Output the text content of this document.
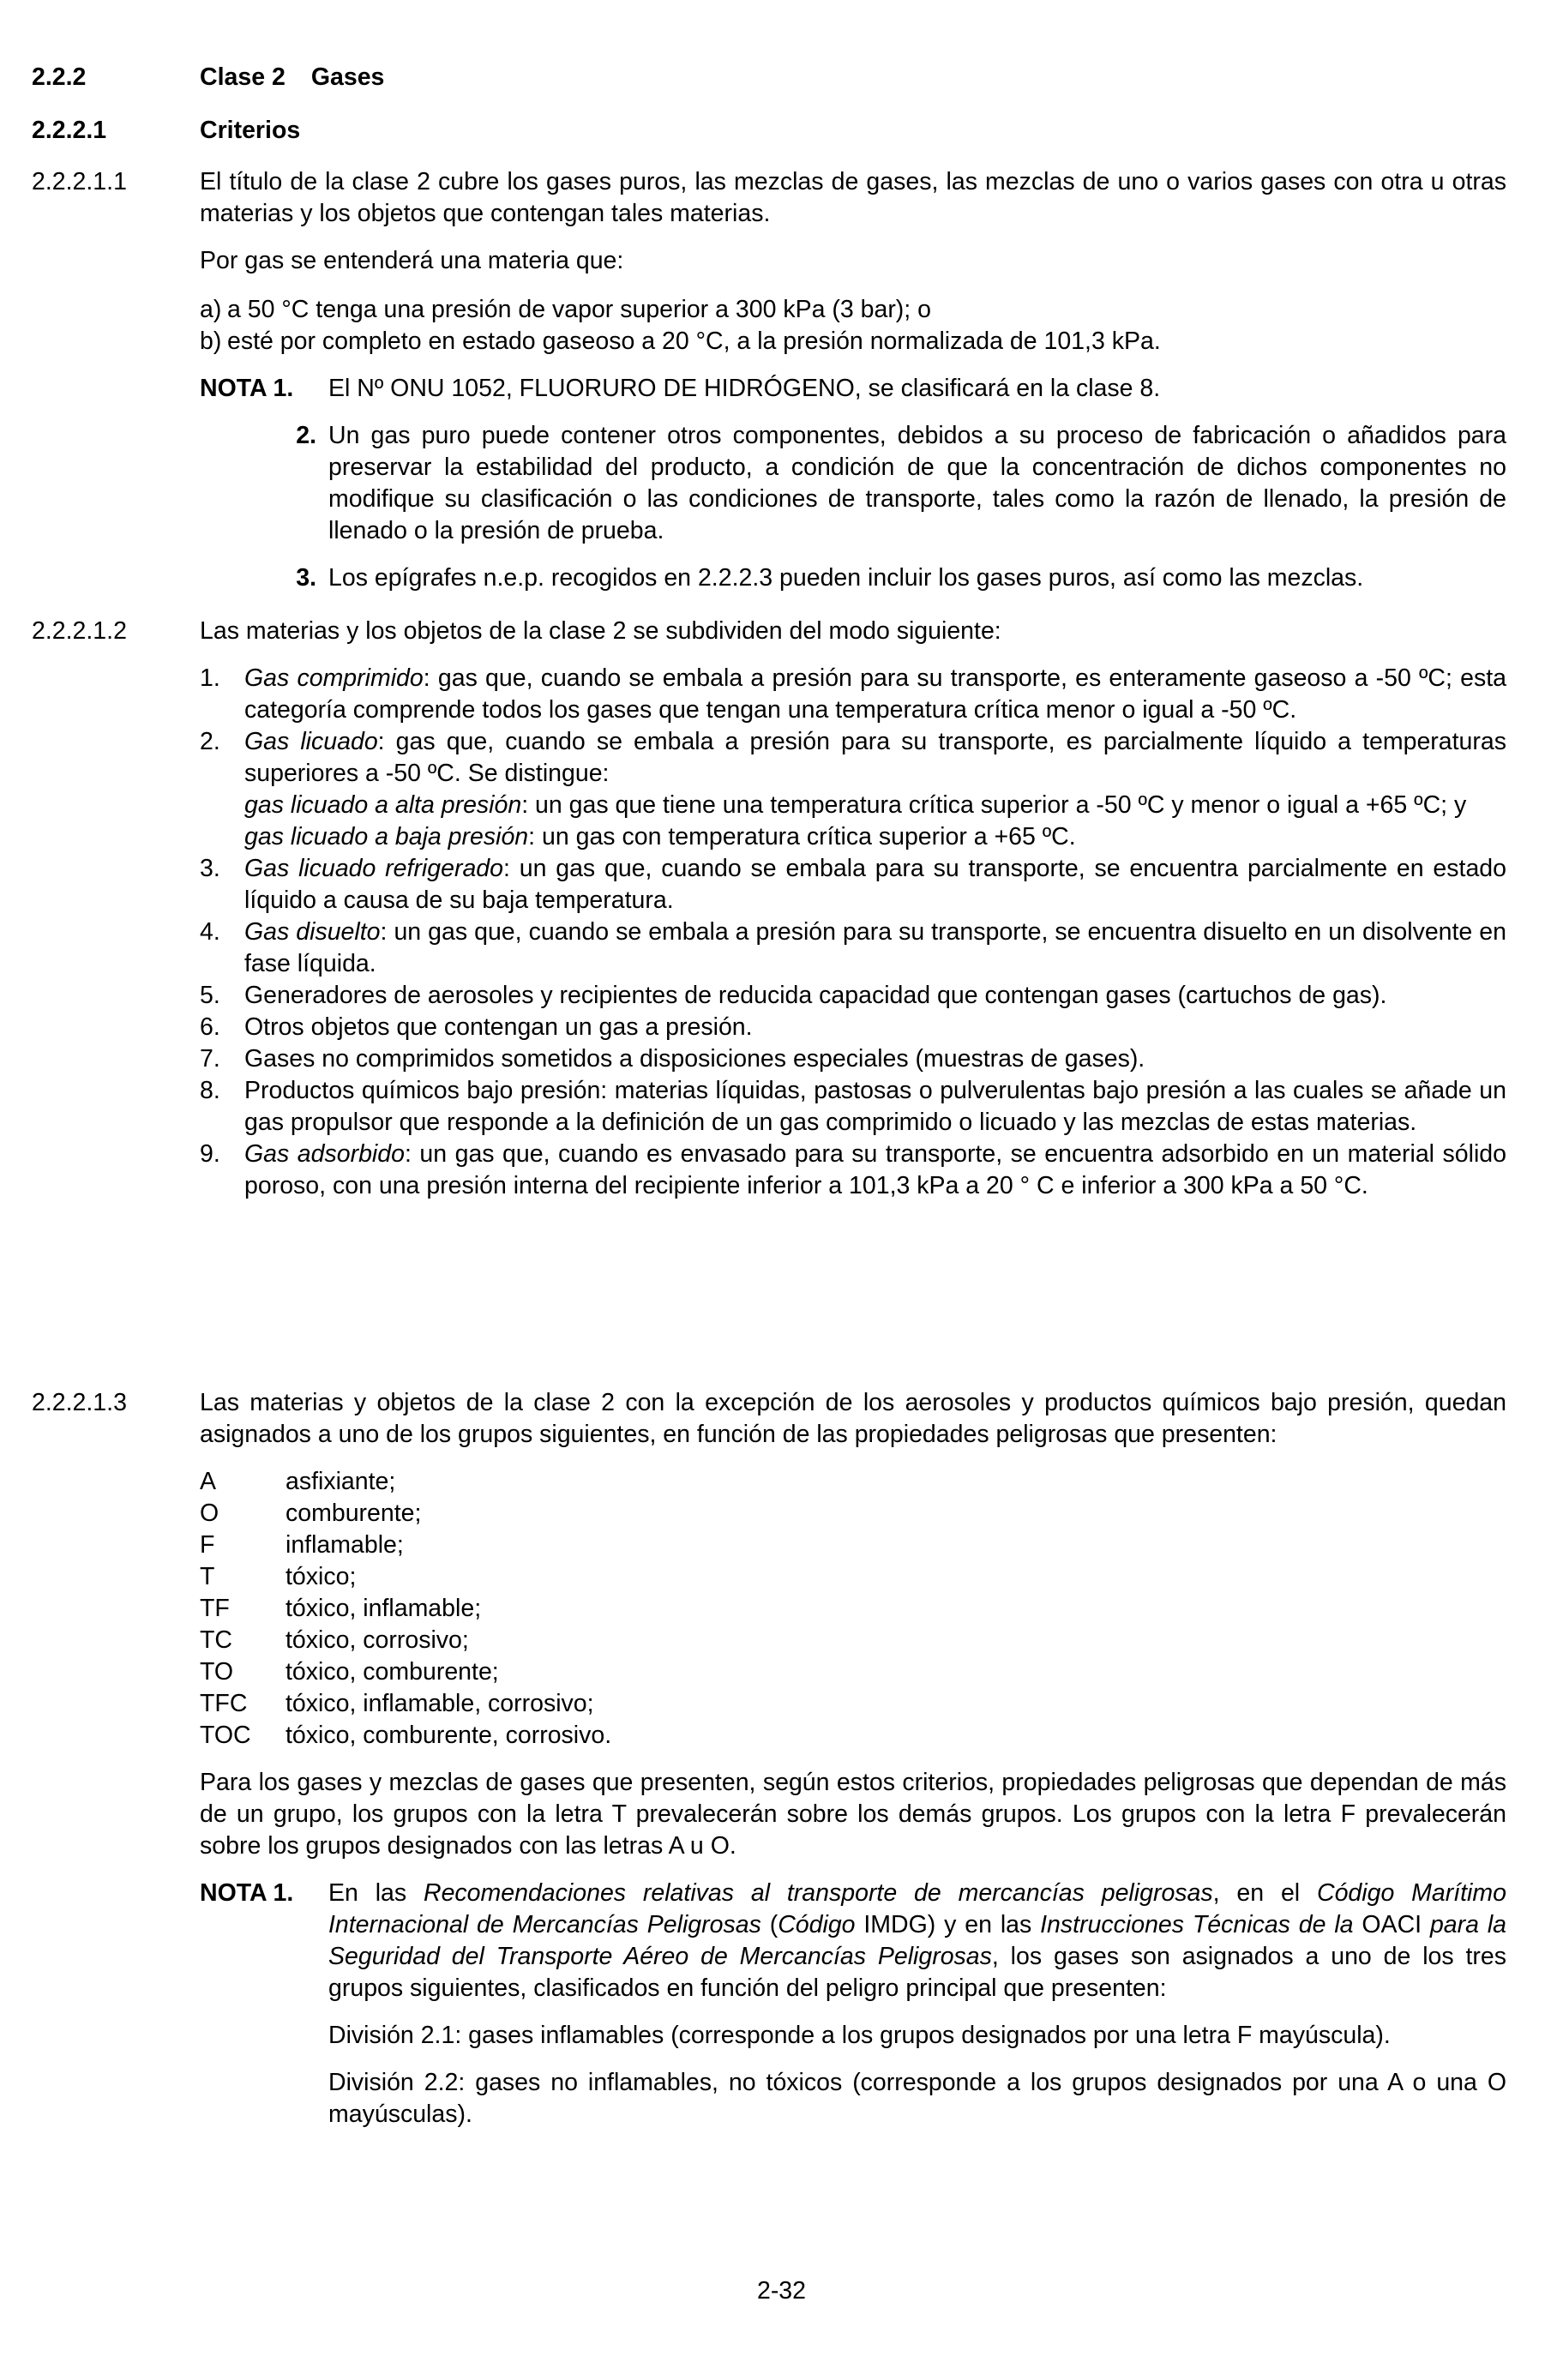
2.2.2	Clase 2 Gases
2.2.2.1	Criterios
2.2.2.1.1	El título de la clase 2 cubre los gases puros, las mezclas de gases, las mezclas de uno o varios gases con otra u otras materias y los objetos que contengan tales materias.

Por gas se entenderá una materia que:

a) a 50 °C tenga una presión de vapor superior a 300 kPa (3 bar); o
b) esté por completo en estado gaseoso a 20 °C, a la presión normalizada de 101,3 kPa.
NOTA 1.	El Nº ONU 1052, FLUORURO DE HIDRÓGENO, se clasificará en la clase 8.
2. Un gas puro puede contener otros componentes, debidos a su proceso de fabricación o añadidos para preservar la estabilidad del producto, a condición de que la concentración de dichos componentes no modifique su clasificación o las condiciones de transporte, tales como la razón de llenado, la presión de llenado o la presión de prueba.
3. Los epígrafes n.e.p. recogidos en 2.2.2.3 pueden incluir los gases puros, así como las mezclas.
2.2.2.1.2	Las materias y los objetos de la clase 2 se subdividen del modo siguiente:

1. Gas comprimido: gas que, cuando se embala a presión para su transporte, es enteramente gaseoso a -50 ºC; esta categoría comprende todos los gases que tengan una temperatura crítica menor o igual a -50 ºC.
2. Gas licuado: gas que, cuando se embala a presión para su transporte, es parcialmente líquido a temperaturas superiores a -50 ºC. Se distingue:
gas licuado a alta presión: un gas que tiene una temperatura crítica superior a -50 ºC y menor o igual a +65 ºC; y
gas licuado a baja presión: un gas con temperatura crítica superior a +65 ºC.
3. Gas licuado refrigerado: un gas que, cuando se embala para su transporte, se encuentra parcialmente en estado líquido a causa de su baja temperatura.
4. Gas disuelto: un gas que, cuando se embala a presión para su transporte, se encuentra disuelto en un disolvente en fase líquida.
5. Generadores de aerosoles y recipientes de reducida capacidad que contengan gases (cartuchos de gas).
6. Otros objetos que contengan un gas a presión.
7. Gases no comprimidos sometidos a disposiciones especiales (muestras de gases).
8. Productos químicos bajo presión: materias líquidas, pastosas o pulverulentas bajo presión a las cuales se añade un gas propulsor que responde a la definición de un gas comprimido o licuado y las mezclas de estas materias.
9. Gas adsorbido: un gas que, cuando es envasado para su transporte, se encuentra adsorbido en un material sólido poroso, con una presión interna del recipiente inferior a 101,3 kPa a 20 ° C e inferior a 300 kPa a 50 °C.
2.2.2.1.3	Las materias y objetos de la clase 2 con la excepción de los aerosoles y productos químicos bajo presión, quedan asignados a uno de los grupos siguientes, en función de las propiedades peligrosas que presenten:

A	asfixiante;
O	comburente;
F	inflamable;
T	tóxico;
TF	tóxico, inflamable;
TC	tóxico, corrosivo;
TO	tóxico, comburente;
TFC	tóxico, inflamable, corrosivo;
TOC	tóxico, comburente, corrosivo.

Para los gases y mezclas de gases que presenten, según estos criterios, propiedades peligrosas que dependan de más de un grupo, los grupos con la letra T prevalecerán sobre los demás grupos. Los grupos con la letra F prevalecerán sobre los grupos designados con las letras A u O.

NOTA 1.	En las Recomendaciones relativas al transporte de mercancías peligrosas, en el Código Marítimo Internacional de Mercancías Peligrosas (Código IMDG) y en las Instrucciones Técnicas de la OACI para la Seguridad del Transporte Aéreo de Mercancías Peligrosas, los gases son asignados a uno de los tres grupos siguientes, clasificados en función del peligro principal que presenten:

División 2.1: gases inflamables (corresponde a los grupos designados por una letra F mayúscula).

División 2.2: gases no inflamables, no tóxicos (corresponde a los grupos designados por una A o una O mayúsculas).

2-32
